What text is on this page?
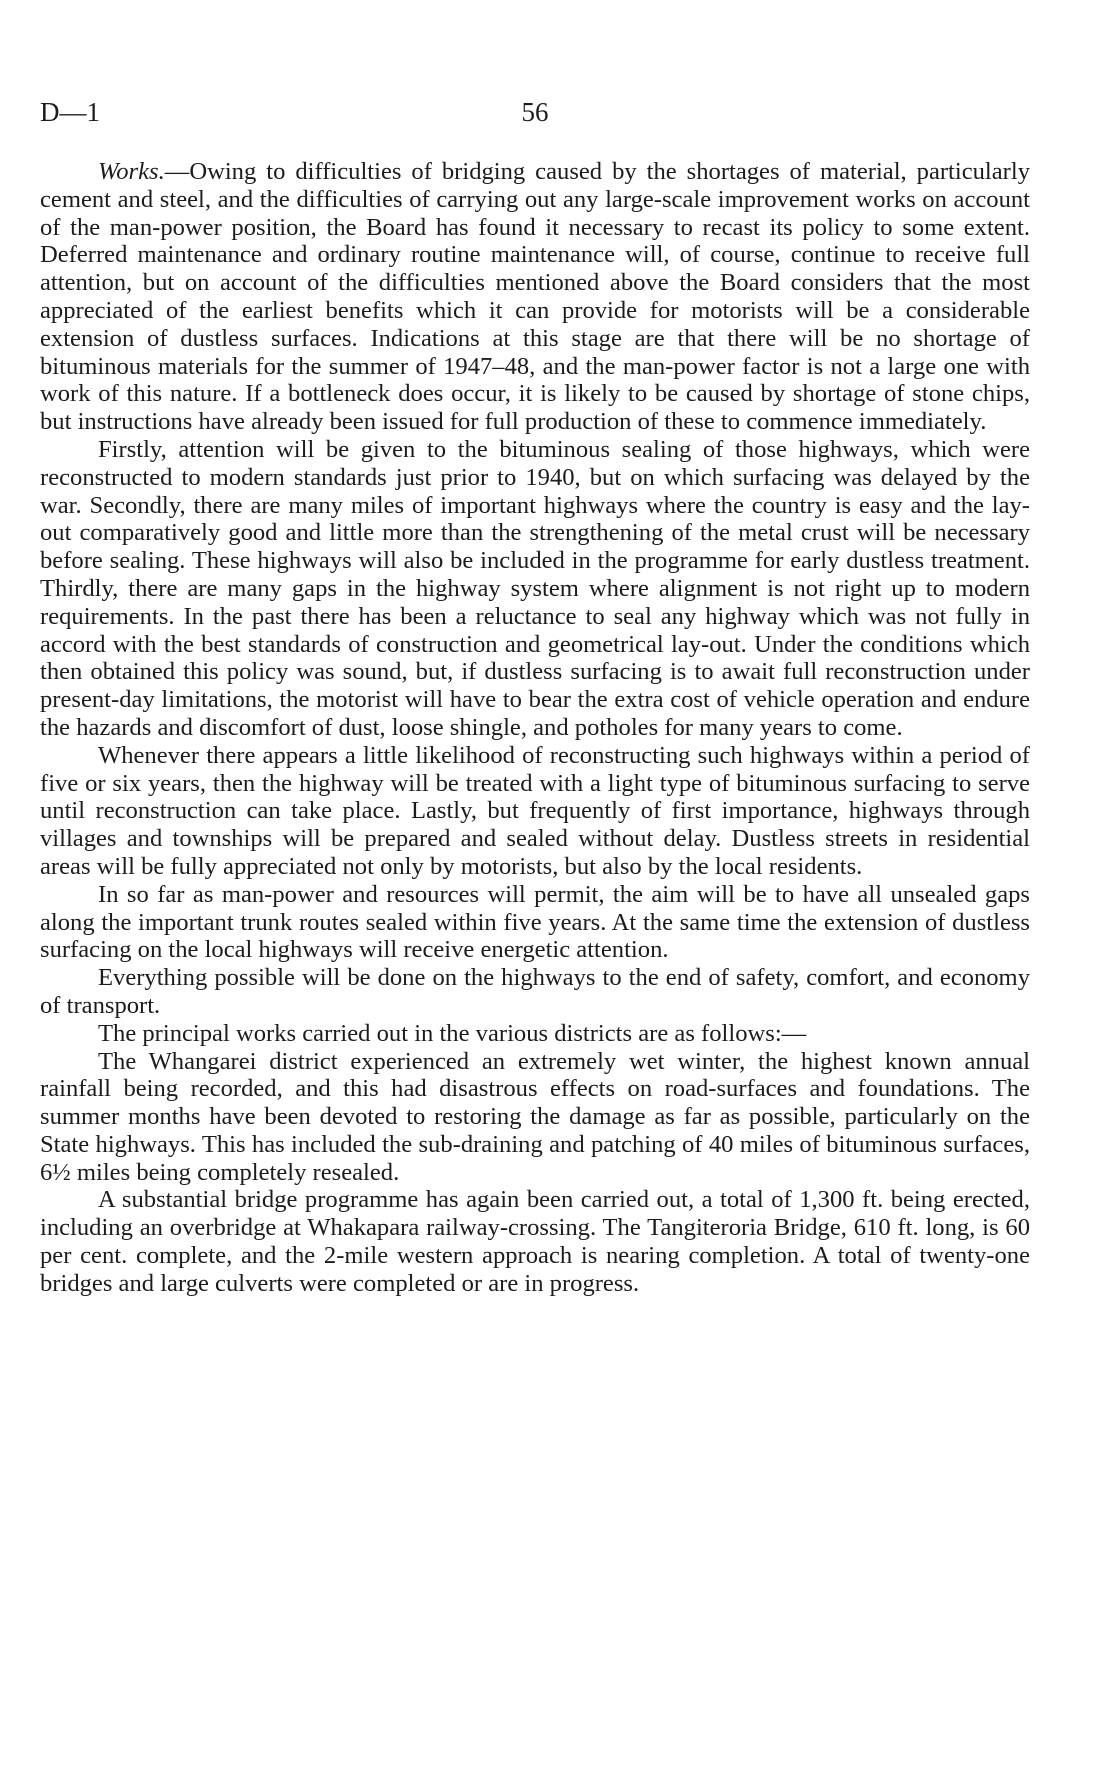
D—1	56

Works.—Owing to difficulties of bridging caused by the shortages of material, particularly cement and steel, and the difficulties of carrying out any large-scale improvement works on account of the man-power position, the Board has found it necessary to recast its policy to some extent. Deferred maintenance and ordinary routine maintenance will, of course, continue to receive full attention, but on account of the difficulties mentioned above the Board considers that the most appreciated of the earliest benefits which it can provide for motorists will be a considerable extension of dustless surfaces. Indications at this stage are that there will be no shortage of bituminous materials for the summer of 1947–48, and the man-power factor is not a large one with work of this nature. If a bottleneck does occur, it is likely to be caused by shortage of stone chips, but instructions have already been issued for full production of these to commence immediately.

Firstly, attention will be given to the bituminous sealing of those highways, which were reconstructed to modern standards just prior to 1940, but on which surfacing was delayed by the war. Secondly, there are many miles of important highways where the country is easy and the lay-out comparatively good and little more than the strengthening of the metal crust will be necessary before sealing. These highways will also be included in the programme for early dustless treatment. Thirdly, there are many gaps in the highway system where alignment is not right up to modern requirements. In the past there has been a reluctance to seal any highway which was not fully in accord with the best standards of construction and geometrical lay-out. Under the conditions which then obtained this policy was sound, but, if dustless surfacing is to await full reconstruction under present-day limitations, the motorist will have to bear the extra cost of vehicle operation and endure the hazards and discomfort of dust, loose shingle, and potholes for many years to come.

Whenever there appears a little likelihood of reconstructing such highways within a period of five or six years, then the highway will be treated with a light type of bituminous surfacing to serve until reconstruction can take place. Lastly, but frequently of first importance, highways through villages and townships will be prepared and sealed without delay. Dustless streets in residential areas will be fully appreciated not only by motorists, but also by the local residents.

In so far as man-power and resources will permit, the aim will be to have all unsealed gaps along the important trunk routes sealed within five years. At the same time the extension of dustless surfacing on the local highways will receive energetic attention.

Everything possible will be done on the highways to the end of safety, comfort, and economy of transport.

The principal works carried out in the various districts are as follows:—

The Whangarei district experienced an extremely wet winter, the highest known annual rainfall being recorded, and this had disastrous effects on road-surfaces and foundations. The summer months have been devoted to restoring the damage as far as possible, particularly on the State highways. This has included the sub-draining and patching of 40 miles of bituminous surfaces, 6½ miles being completely resealed.

A substantial bridge programme has again been carried out, a total of 1,300 ft. being erected, including an overbridge at Whakapara railway-crossing. The Tangiteroria Bridge, 610 ft. long, is 60 per cent. complete, and the 2-mile western approach is nearing completion. A total of twenty-one bridges and large culverts were completed or are in progress.
